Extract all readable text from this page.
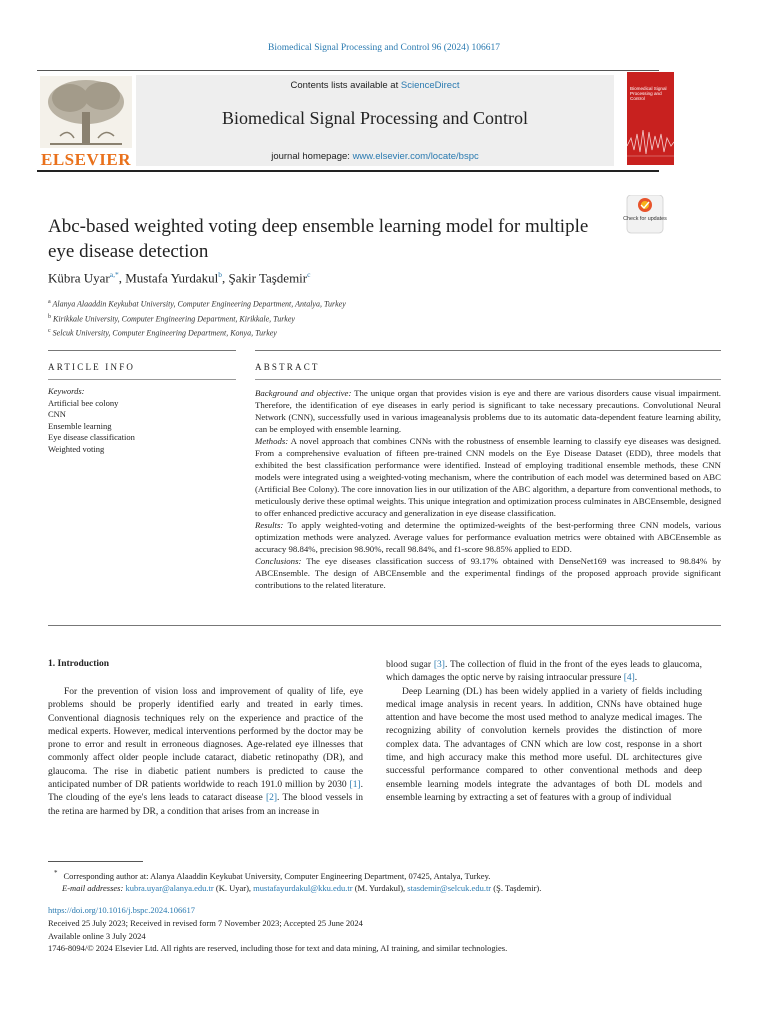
Biomedical Signal Processing and Control 96 (2024) 106617
ELSEVIER
Contents lists available at ScienceDirect
Biomedical Signal Processing and Control
journal homepage: www.elsevier.com/locate/bspc
Biomedical Signal Processing and Control
Check for updates
Abc-based weighted voting deep ensemble learning model for multiple eye disease detection
Kübra Uyar$^{a,*}$, Mustafa Yurdakul$^b$, Şakir Taşdemir$^c$
$^a$ Alanya Alaaddin Keykubat University, Computer Engineering Department, Antalya, Turkey
$^b$ Kirikkale University, Computer Engineering Department, Kirikkale, Turkey
$^c$ Selcuk University, Computer Engineering Department, Konya, Turkey
ARTICLE INFO	ABSTRACT
Keywords:
Artificial bee colony
CNN
Ensemble learning
Eye disease classification
Weighted voting

Background and objective: The unique organ that provides vision is eye and there are various disorders cause visual impairment. Therefore, the identification of eye diseases in early period is significant to take necessary precautions. Convolutional Neural Network (CNN), successfully used in various imageanalysis problems due to its automatic data-dependent feature learning ability, can be employed with ensemble learning.

Methods: A novel approach that combines CNNs with the robustness of ensemble learning to classify eye diseases was designed. From a comprehensive evaluation of fifteen pre-trained CNN models on the Eye Disease Dataset (EDD), three models that exhibited the best classification performance were identified. Instead of employing traditional ensemble methods, these CNN models were integrated using a weighted-voting mechanism, where the contribution of each model was determined based on ABC (Artificial Bee Colony). The core innovation lies in our utilization of the ABC algorithm, a departure from conventional methods, to meticulously derive these optimal weights. This unique integration and optimization process culminates in ABCEnsemble, designed to offer enhanced predictive accuracy and generalization in eye disease classification.

Results: To apply weighted-voting and determine the optimized-weights of the best-performing three CNN models, various optimization methods were analyzed. Average values for performance evaluation metrics were obtained with ABCEnsemble as accuracy 98.84%, precision 98.90%, recall 98.84%, and f1-score 98.85% applied to EDD.

Conclusions: The eye diseases classification success of 93.17% obtained with DenseNet169 was increased to 98.84% by ABCEnsemble. The design of ABCEnsemble and the experimental findings of the proposed approach provide significant contributions to the related literature.

1. Introduction

For the prevention of vision loss and improvement of quality of life, eye problems should be properly identified early and treated in early times. Conventional diagnosis techniques rely on the experience and practice of the medical experts. However, medical interventions performed by the doctor may be prone to error and result in erroneous diagnoses. Age-related eye illnesses that commonly affect older people include cataract, diabetic retinopathy (DR), and glaucoma. The rise in diabetic patient numbers is predicted to cause the anticipated number of DR patients worldwide to reach 191.0 million by 2030 [1]. The clouding of the eye's lens leads to cataract disease [2]. The blood vessels in the retina are harmed by DR, a condition that arises from an increase in

blood sugar [3]. The collection of fluid in the front of the eyes leads to glaucoma, which damages the optic nerve by raising intraocular pressure [4].

Deep Learning (DL) has been widely applied in a variety of fields including medical image analysis in recent years. In addition, CNNs have obtained huge attention and have become the most used method to analyze medical images. The recognizing ability of convolution kernels provides the distinction of more complex data. The advantages of CNN which are low cost, response in a short time, and high accuracy make this method more useful. DL architectures give successful performance compared to other conventional methods and deep ensemble learning models integrate the advantages of both DL models and ensemble learning by extracting a set of features with a group of individual

* Corresponding author at: Alanya Alaaddin Keykubat University, Computer Engineering Department, 07425, Antalya, Turkey.
E-mail addresses: kubra.uyar@alanya.edu.tr (K. Uyar), mustafayurdakul@kku.edu.tr (M. Yurdakul), stasdemir@selcuk.edu.tr (Ş. Taşdemir).
https://doi.org/10.1016/j.bspc.2024.106617
Received 25 July 2023; Received in revised form 7 November 2023; Accepted 25 June 2024
Available online 3 July 2024
1746-8094/© 2024 Elsevier Ltd. All rights are reserved, including those for text and data mining, AI training, and similar technologies.
